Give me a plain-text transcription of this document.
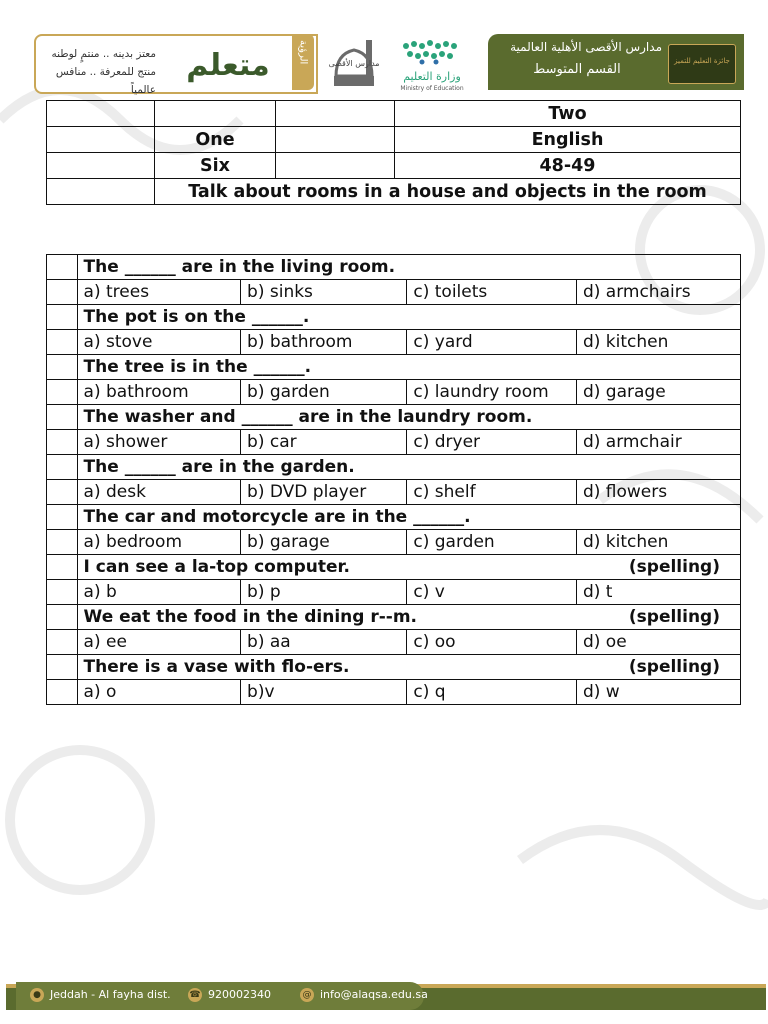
معتز بدينه .. منتمٍ لوطنه
منتج للمعرفة .. منافس عالمياً
متعلم	الرؤية مدارس الأقصى
وزارة التعليم
Ministry of Education
مدارس الأقصى الأهلية العالمية
القسم المتوسط
جائزة التعليم للتميز
			Two
	One		English
	Six		48-49
	Talk about rooms in a house and objects in the room		
	The ______ are in the living room.			
	a) trees	b) sinks	c) toilets	d) armchairs
	The pot is on the ______.			
	a) stove	b) bathroom	c) yard	d) kitchen
	The tree is in the ______.			
	a) bathroom	b) garden	c) laundry room	d) garage
	The washer and ______ are in the laundry room.			
	a) shower	b) car	c) dryer	d) armchair
	The ______ are in the garden.			
	a) desk	b) DVD player	c) shelf	d) flowers
	The car and motorcycle are in the ______.			
	a) bedroom	b) garage	c) garden	d) kitchen
	I can see a la-top computer. (spelling)			

	a) b	b) p	c) v	d) t
	We eat the food in the dining r--m. (spelling)			

	a) ee	b) aa	c) oo	d) oe
	There is a vase with flo-ers. (spelling)			

	a) o	b)v	c) q	d) w
● Jeddah - Al fayha dist. ☎ 920002340	@ info@alaqsa.edu.sa
